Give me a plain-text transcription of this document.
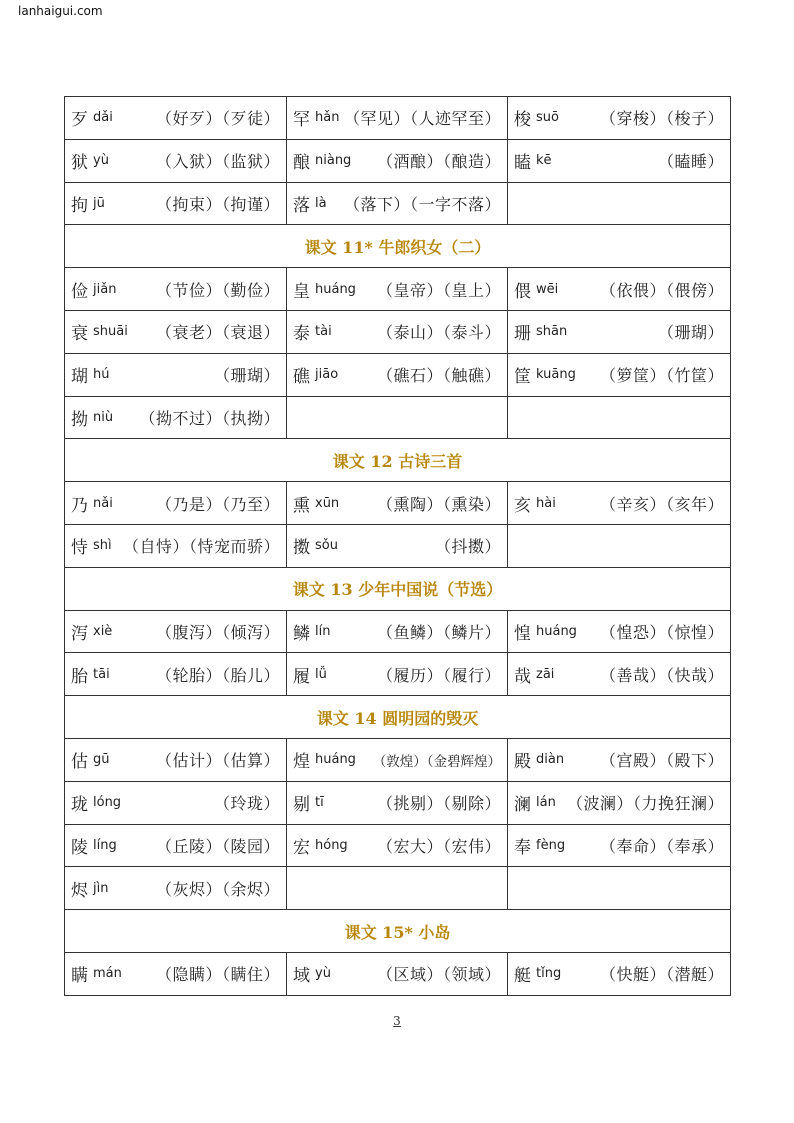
lanhaigui.com
歹 dǎi （好歹）（歹徒）	罕 hǎn （罕见）（人迹罕至）	梭 suō （穿梭）（梭子）

狱 yù （入狱）（监狱）	酿 niàng （酒酿）（酿造）	瞌 kē （瞌睡）

拘 jū （拘束）（拘谨）	落 là （落下）（一字不落）	

课文 11* 牛郎织女（二）		

俭 jiǎn （节俭）（勤俭）	皇 huáng （皇帝）（皇上）	偎 wēi （依偎）（偎傍）

衰 shuāi （衰老）（衰退）	泰 tài （泰山）（泰斗）	珊 shān （珊瑚）

瑚 hú （珊瑚）	礁 jiāo （礁石）（触礁）	筐 kuāng （箩筐）（竹筐）

拗 niù （拗不过）（执拗）		

课文 12 古诗三首		

乃 nǎi （乃是）（乃至）	熏 xūn （熏陶）（熏染）	亥 hài （辛亥）（亥年）

恃 shì （自恃）（恃宠而骄）	擞 sǒu （抖擞）	

课文 13 少年中国说（节选）		

泻 xiè （腹泻）（倾泻）	鳞 lín （鱼鳞）（鳞片）	惶 huáng （惶恐）（惊惶）

胎 tāi （轮胎）（胎儿）	履 lǚ （履历）（履行）	哉 zāi （善哉）（快哉）

课文 14 圆明园的毁灭		

估 gū （估计）（估算）	煌 huáng （敦煌）（金碧辉煌）	殿 diàn （宫殿）（殿下）

珑 lóng （玲珑）	剔 tī （挑剔）（剔除）	澜 lán （波澜）（力挽狂澜）

陵 líng （丘陵）（陵园）	宏 hóng （宏大）（宏伟）	奉 fèng （奉命）（奉承）

烬 jìn （灰烬）（余烬）		

课文 15* 小岛		

瞒 mán （隐瞒）（瞒住）	域 yù （区域）（领域）	艇 tǐng （快艇）（潜艇）
3
